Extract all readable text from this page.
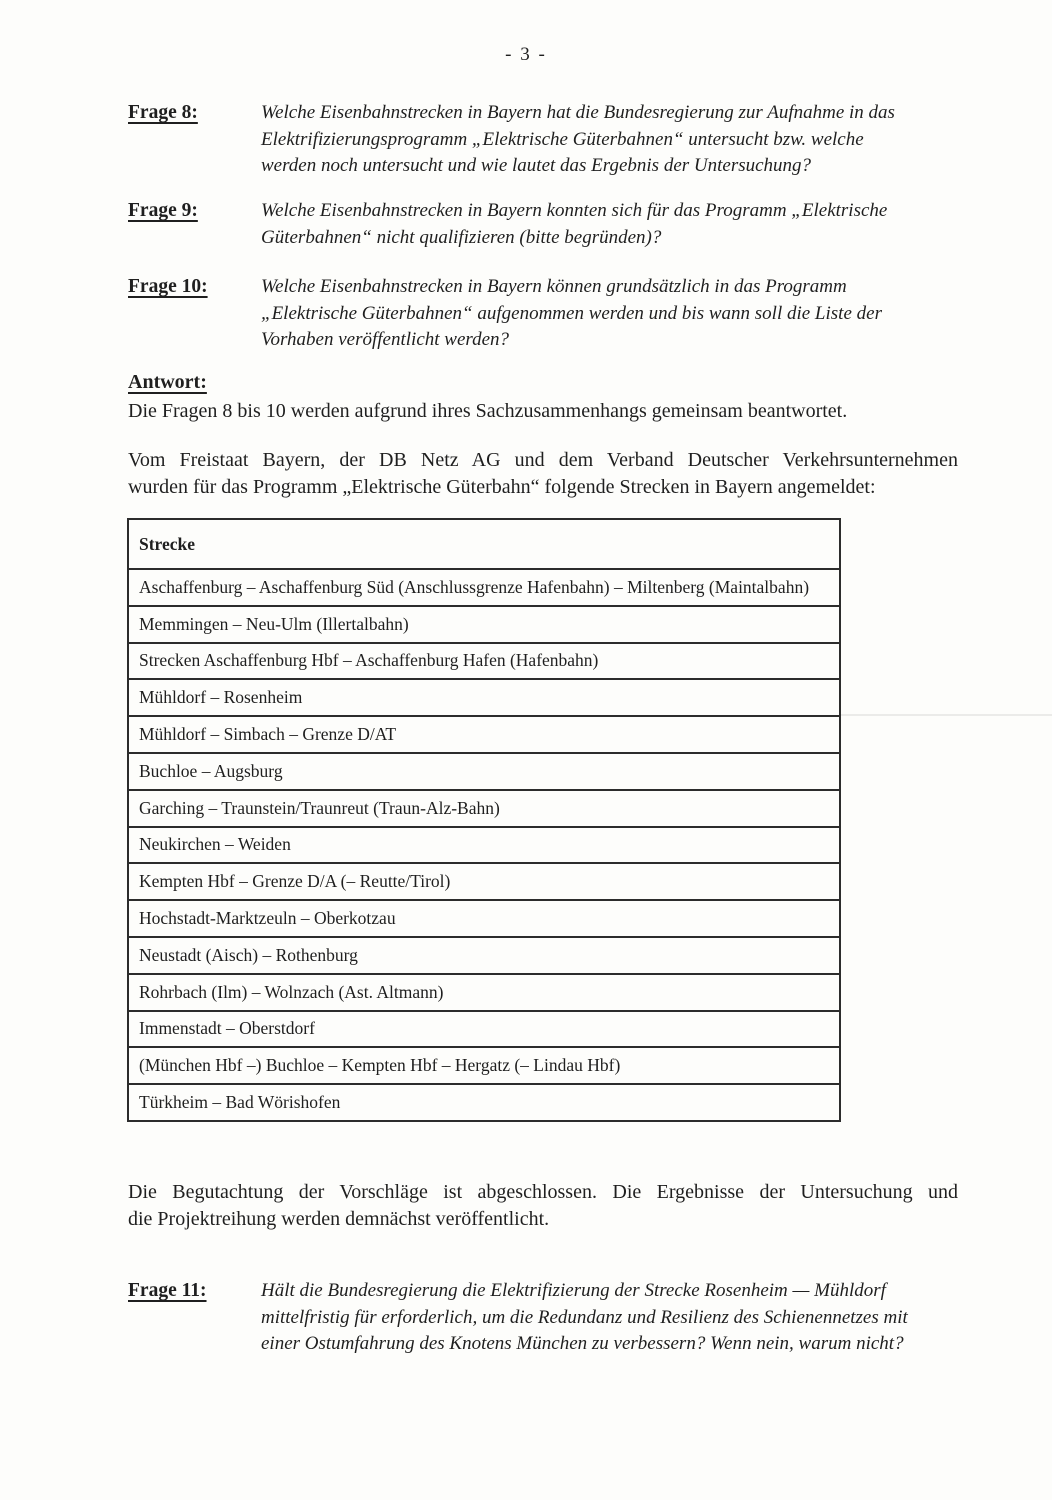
- 3 -
Frage 8:	Welche Eisenbahnstrecken in Bayern hat die Bundesregierung zur Aufnahme in das
Elektrifizierungsprogramm „Elektrische Güterbahnen“ untersucht bzw. welche
werden noch untersucht und wie lautet das Ergebnis der Untersuchung?
Frage 9:	Welche Eisenbahnstrecken in Bayern konnten sich für das Programm „Elektrische
Güterbahnen“ nicht qualifizieren (bitte begründen)?
Frage 10:	Welche Eisenbahnstrecken in Bayern können grundsätzlich in das Programm
„Elektrische Güterbahnen“ aufgenommen werden und bis wann soll die Liste der
Vorhaben veröffentlicht werden?
Antwort:
Die Fragen 8 bis 10 werden aufgrund ihres Sachzusammenhangs gemeinsam beantwortet.
Vom Freistaat Bayern, der DB Netz AG und dem Verband Deutscher Verkehrsunternehmen
wurden für das Programm „Elektrische Güterbahn“ folgende Strecken in Bayern angemeldet:
Strecke
Aschaffenburg – Aschaffenburg Süd (Anschlussgrenze Hafenbahn) – Miltenberg (Maintalbahn)
Memmingen – Neu-Ulm (Illertalbahn)
Strecken Aschaffenburg Hbf – Aschaffenburg Hafen (Hafenbahn)
Mühldorf – Rosenheim
Mühldorf – Simbach – Grenze D/AT
Buchloe – Augsburg
Garching – Traunstein/Traunreut (Traun-Alz-Bahn)
Neukirchen – Weiden
Kempten Hbf – Grenze D/A (– Reutte/Tirol)
Hochstadt-Marktzeuln – Oberkotzau
Neustadt (Aisch) – Rothenburg
Rohrbach (Ilm) – Wolnzach (Ast. Altmann)
Immenstadt – Oberstdorf
(München Hbf –) Buchloe – Kempten Hbf – Hergatz (– Lindau Hbf)
Türkheim – Bad Wörishofen
Die Begutachtung der Vorschläge ist abgeschlossen. Die Ergebnisse der Untersuchung und
die Projektreihung werden demnächst veröffentlicht.
Frage 11:	Hält die Bundesregierung die Elektrifizierung der Strecke Rosenheim — Mühldorf
mittelfristig für erforderlich, um die Redundanz und Resilienz des Schienennetzes mit
einer Ostumfahrung des Knotens München zu verbessern? Wenn nein, warum nicht?
